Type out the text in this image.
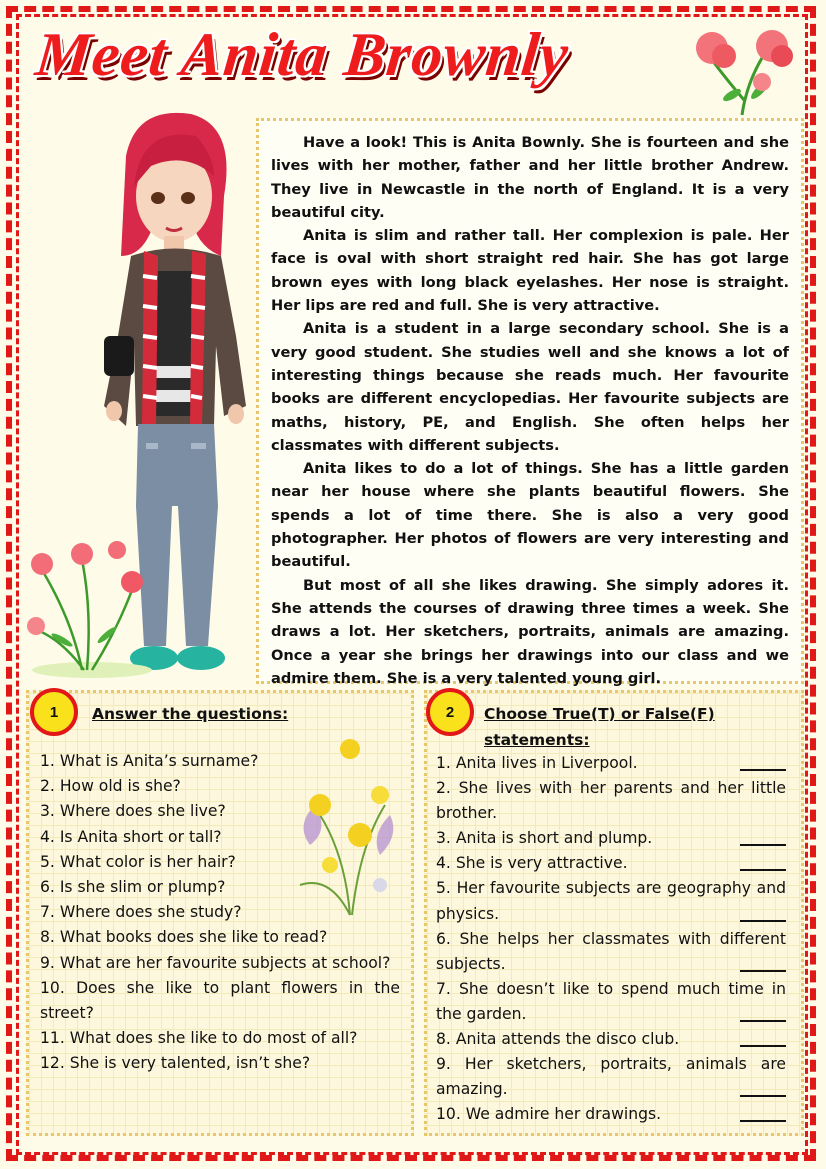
Meet Anita Brownly

Have a look! This is Anita Bownly. She is fourteen and she lives with her mother, father and her little brother Andrew. They live in Newcastle in the north of England. It is a very beautiful city.

Anita is slim and rather tall. Her complexion is pale. Her face is oval with short straight red hair. She has got large brown eyes with long black eyelashes. Her nose is straight. Her lips are red and full. She is very attractive.

Anita is a student in a large secondary school. She is a very good student. She studies well and she knows a lot of interesting things because she reads much. Her favourite books are different encyclopedias. Her favourite subjects are maths, history, PE, and English. She often helps her classmates with different subjects.

Anita likes to do a lot of things. She has a little garden near her house where she plants beautiful flowers. She spends a lot of time there. She is also a very good photographer. Her photos of flowers are very interesting and beautiful.

But most of all she likes drawing. She simply adores it. She attends the courses of drawing three times a week. She draws a lot. Her sketchers, portraits, animals are amazing. Once a year she brings her drawings into our class and we admire them. She is a very talented young girl.

1	2
Answer the questions:	Choose True(T) or False(F) statements:
1. What is Anita’s surname?
2. How old is she?
3. Where does she live?
4. Is Anita short or tall?
5. What color is her hair?
6. Is she slim or plump?
7. Where does she study?
8. What books does she like to read?
9. What are her favourite subjects at school?
10. Does she like to plant flowers in the street?
11. What does she like to do most of all?
12. She is very talented, isn’t she?
1. Anita lives in Liverpool.
2. She lives with her parents and her little brother.
3. Anita is short and plump.
4. She is very attractive.
5. Her favourite subjects are geography and physics.
6. She helps her classmates with different subjects.
7. She doesn’t like to spend much time in the garden.
8. Anita attends the disco club.
9. Her sketchers, portraits, animals are amazing.
10. We admire her drawings.
